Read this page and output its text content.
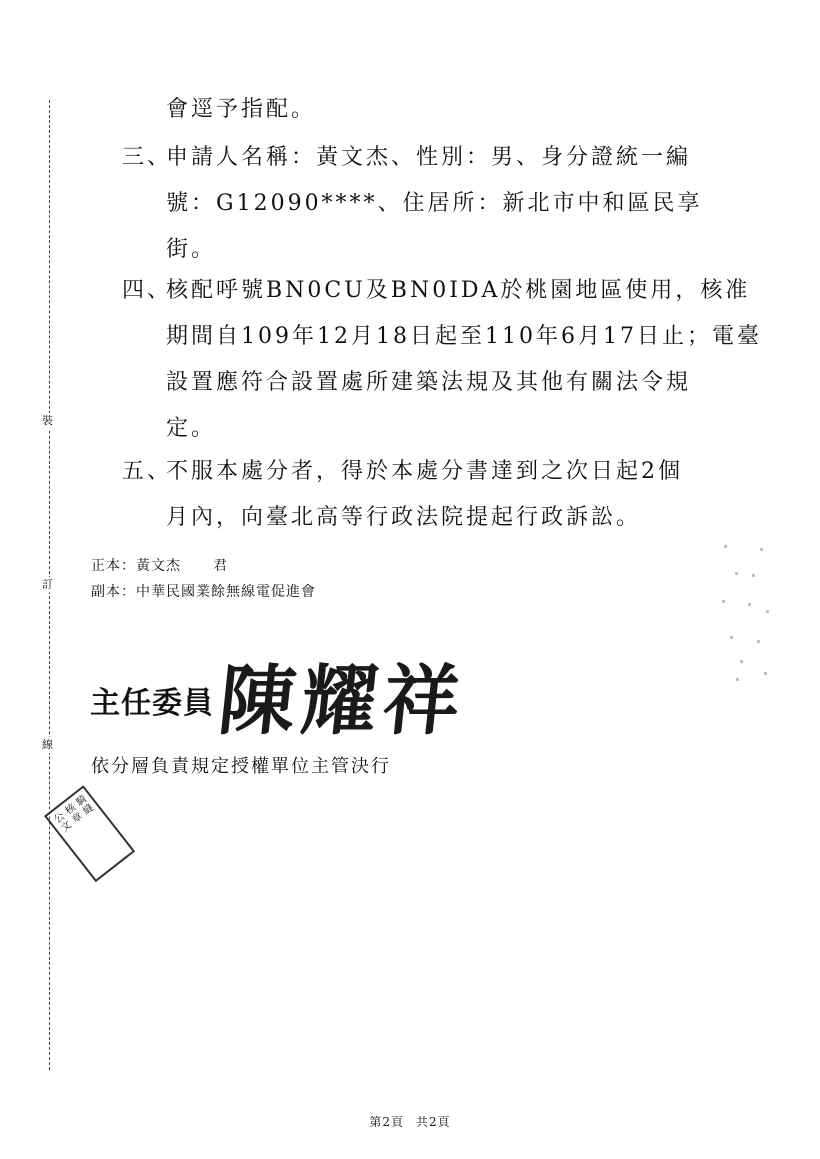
裝
訂
線
會逕予指配。
三、
申請人名稱：黃文杰、性別：男、身分證統一編
號：G12090****、住居所：新北市中和區民享
街。
四、
核配呼號BN0CU及BN0IDA於桃園地區使用，核准
期間自109年12月18日起至110年6月17日止；電臺
設置應符合設置處所建築法規及其他有關法令規
定。
五、
不服本處分者，得於本處分書達到之次日起2個
月內，向臺北高等行政法院提起行政訴訟。
正本：黃文杰 君
副本：中華民國業餘無線電促進會
主任委員 陳耀祥
依分層負責規定授權單位主管決行
公文
核章
騎縫
第2頁 共2頁
